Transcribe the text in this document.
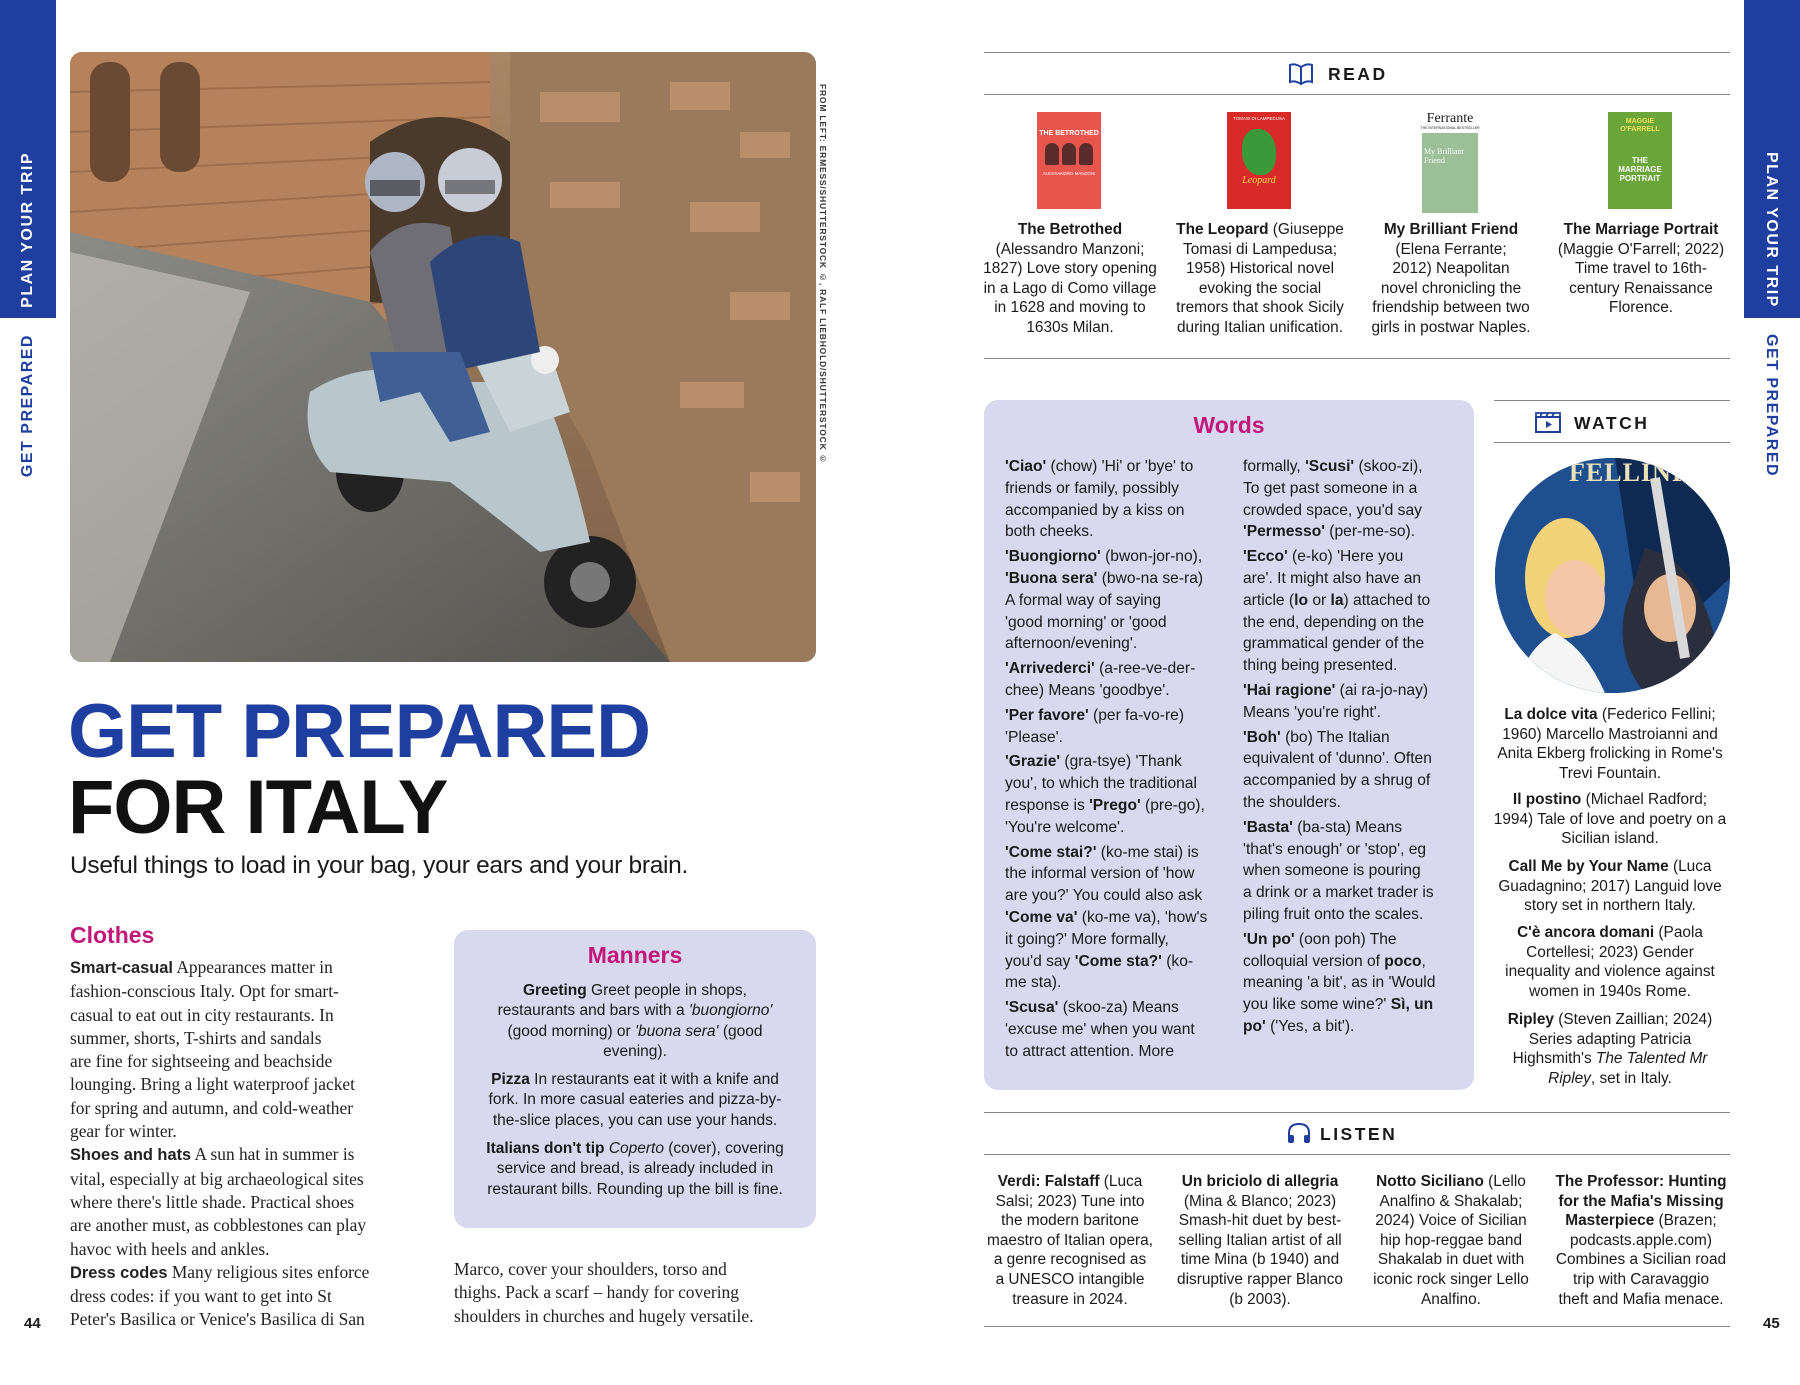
PLAN YOUR TRIP
GET PREPARED	FROM LEFT: ERMESS/SHUTTERSTOCK ©, RALF LIEBHOLD/SHUTTERSTOCK ©
GET PREPARED
FOR ITALY
Useful things to load in your bag, your ears and your brain.
Clothes
Smart-casual Appearances matter in
fashion-conscious Italy. Opt for smart-
casual to eat out in city restaurants. In
summer, shorts, T-shirts and sandals
are fine for sightseeing and beachside
lounging. Bring a light waterproof jacket
for spring and autumn, and cold-weather
gear for winter.
Shoes and hats A sun hat in summer is
vital, especially at big archaeological sites
where there's little shade. Practical shoes
are another must, as cobblestones can play
havoc with heels and ankles.
Dress codes Many religious sites enforce
dress codes: if you want to get into St
Peter's Basilica or Venice's Basilica di San
Marco, cover your shoulders, torso and
thighs. Pack a scarf – handy for covering
shoulders in churches and hugely versatile.
Manners
Greeting Greet people in shops,
restaurants and bars with a 'buongiorno'
(good morning) or 'buona sera' (good
evening).
Pizza In restaurants eat it with a knife and
fork. In more casual eateries and pizza-by-
the-slice places, you can use your hands.
Italians don't tip Coperto (cover), covering
service and bread, is already included in
restaurant bills. Rounding up the bill is fine.
44
PLAN YOUR TRIP
GET PREPARED
READ
THE BETROTHED
ALESSANDRO MANZONI
TOMASI DI LAMPEDUSA
Leopard
Ferrante
THE INTERNATIONAL BESTSELLER
My Brilliant Friend
MAGGIE O'FARRELL
THE MARRIAGE PORTRAIT
The Betrothed
(Alessandro Manzoni;
1827) Love story opening
in a Lago di Como village
in 1628 and moving to
1630s Milan.
The Leopard (Giuseppe
Tomasi di Lampedusa;
1958) Historical novel
evoking the social
tremors that shook Sicily
during Italian unification.
My Brilliant Friend
(Elena Ferrante;
2012) Neapolitan
novel chronicling the
friendship between two
girls in postwar Naples.
The Marriage Portrait
(Maggie O'Farrell; 2022)
Time travel to 16th-
century Renaissance
Florence.
Words
'Ciao' (chow) 'Hi' or 'bye' to
friends or family, possibly
accompanied by a kiss on
both cheeks.
'Buongiorno' (bwon-jor-no),
'Buona sera' (bwo-na se-ra)
A formal way of saying
'good morning' or 'good
afternoon/evening'.
'Arrivederci' (a-ree-ve-der-
chee) Means 'goodbye'.
'Per favore' (per fa-vo-re)
'Please'.
'Grazie' (gra-tsye) 'Thank
you', to which the traditional
response is 'Prego' (pre-go),
'You're welcome'.
'Come stai?' (ko-me stai) is
the informal version of 'how
are you?' You could also ask
'Come va' (ko-me va), 'how's
it going?' More formally,
you'd say 'Come sta?' (ko-
me sta).
'Scusa' (skoo-za) Means
'excuse me' when you want
to attract attention. More
formally, 'Scusi' (skoo-zi),
To get past someone in a
crowded space, you'd say
'Permesso' (per-me-so).
'Ecco' (e-ko) 'Here you
are'. It might also have an
article (lo or la) attached to
the end, depending on the
grammatical gender of the
thing being presented.
'Hai ragione' (ai ra-jo-nay)
Means 'you're right'.
'Boh' (bo) The Italian
equivalent of 'dunno'. Often
accompanied by a shrug of
the shoulders.
'Basta' (ba-sta) Means
'that's enough' or 'stop', eg
when someone is pouring
a drink or a market trader is
piling fruit onto the scales.
'Un po' (oon poh) The
colloquial version of poco,
meaning 'a bit', as in 'Would
you like some wine?' Sì, un
po' ('Yes, a bit').
WATCH
FELLINI
La dolce vita (Federico Fellini;
1960) Marcello Mastroianni and
Anita Ekberg frolicking in Rome's
Trevi Fountain.
Il postino (Michael Radford;
1994) Tale of love and poetry on a
Sicilian island.
Call Me by Your Name (Luca
Guadagnino; 2017) Languid love
story set in northern Italy.
C'è ancora domani (Paola
Cortellesi; 2023) Gender
inequality and violence against
women in 1940s Rome.
Ripley (Steven Zaillian; 2024)
Series adapting Patricia
Highsmith's The Talented Mr
Ripley, set in Italy.
LISTEN
Verdi: Falstaff (Luca
Salsi; 2023) Tune into
the modern baritone
maestro of Italian opera,
a genre recognised as
a UNESCO intangible
treasure in 2024.
Un briciolo di allegria
(Mina & Blanco; 2023)
Smash-hit duet by best-
selling Italian artist of all
time Mina (b 1940) and
disruptive rapper Blanco
(b 2003).
Notto Siciliano (Lello
Analfino & Shakalab;
2024) Voice of Sicilian
hip hop-reggae band
Shakalab in duet with
iconic rock singer Lello
Analfino.
The Professor: Hunting
for the Mafia's Missing
Masterpiece (Brazen;
podcasts.apple.com)
Combines a Sicilian road
trip with Caravaggio
theft and Mafia menace.
45
